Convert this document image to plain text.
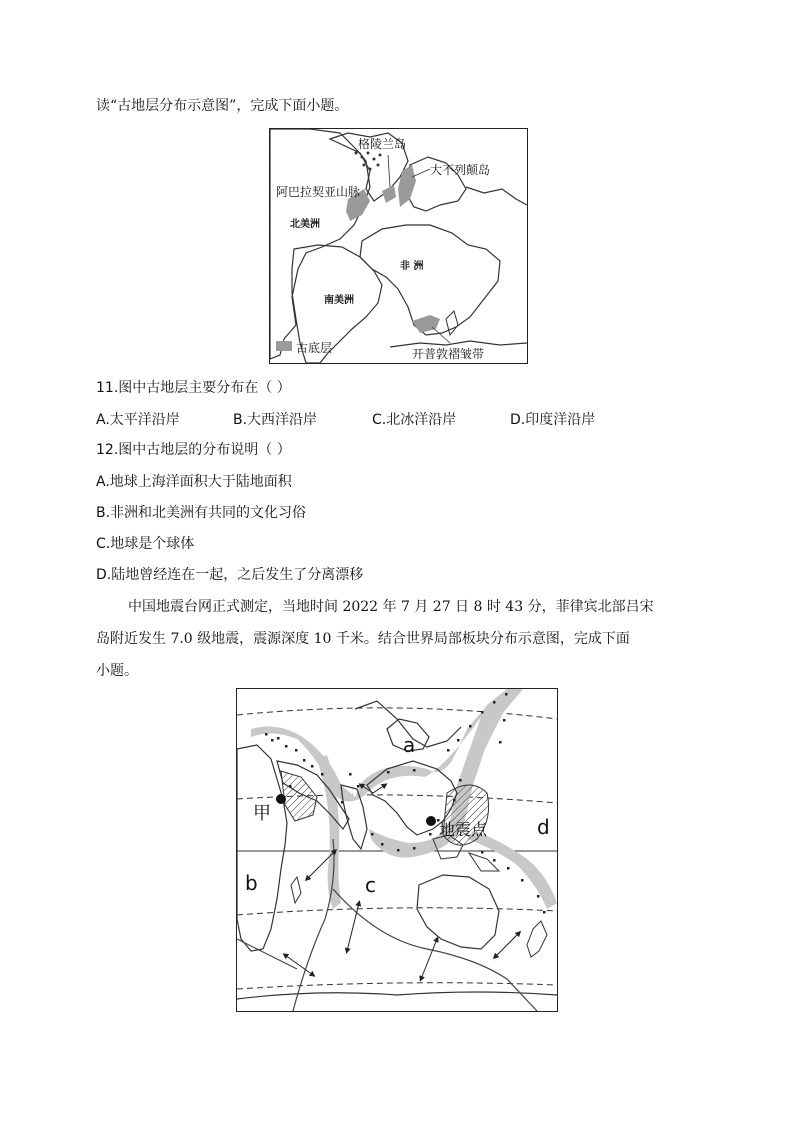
读“古地层分布示意图”，完成下面小题。
格陵兰岛
大不列颠岛
阿巴拉契亚山脉
北美洲
非 洲
南美洲
开普敦褶皱带
古底层
11.图中古地层主要分布在（ ）
A.太平洋沿岸	B.大西洋沿岸	C.北冰洋沿岸	D.印度洋沿岸
12.图中古地层的分布说明（ ）
A.地球上海洋面积大于陆地面积
B.非洲和北美洲有共同的文化习俗
C.地球是个球体
D.陆地曾经连在一起，之后发生了分离漂移
中国地震台网正式测定，当地时间 2022 年 7 月 27 日 8 时 43 分，菲律宾北部吕宋
岛附近发生 7.0 级地震，震源深度 10 千米。结合世界局部板块分布示意图，完成下面
小题。
a
b	c
d
甲
地震点
